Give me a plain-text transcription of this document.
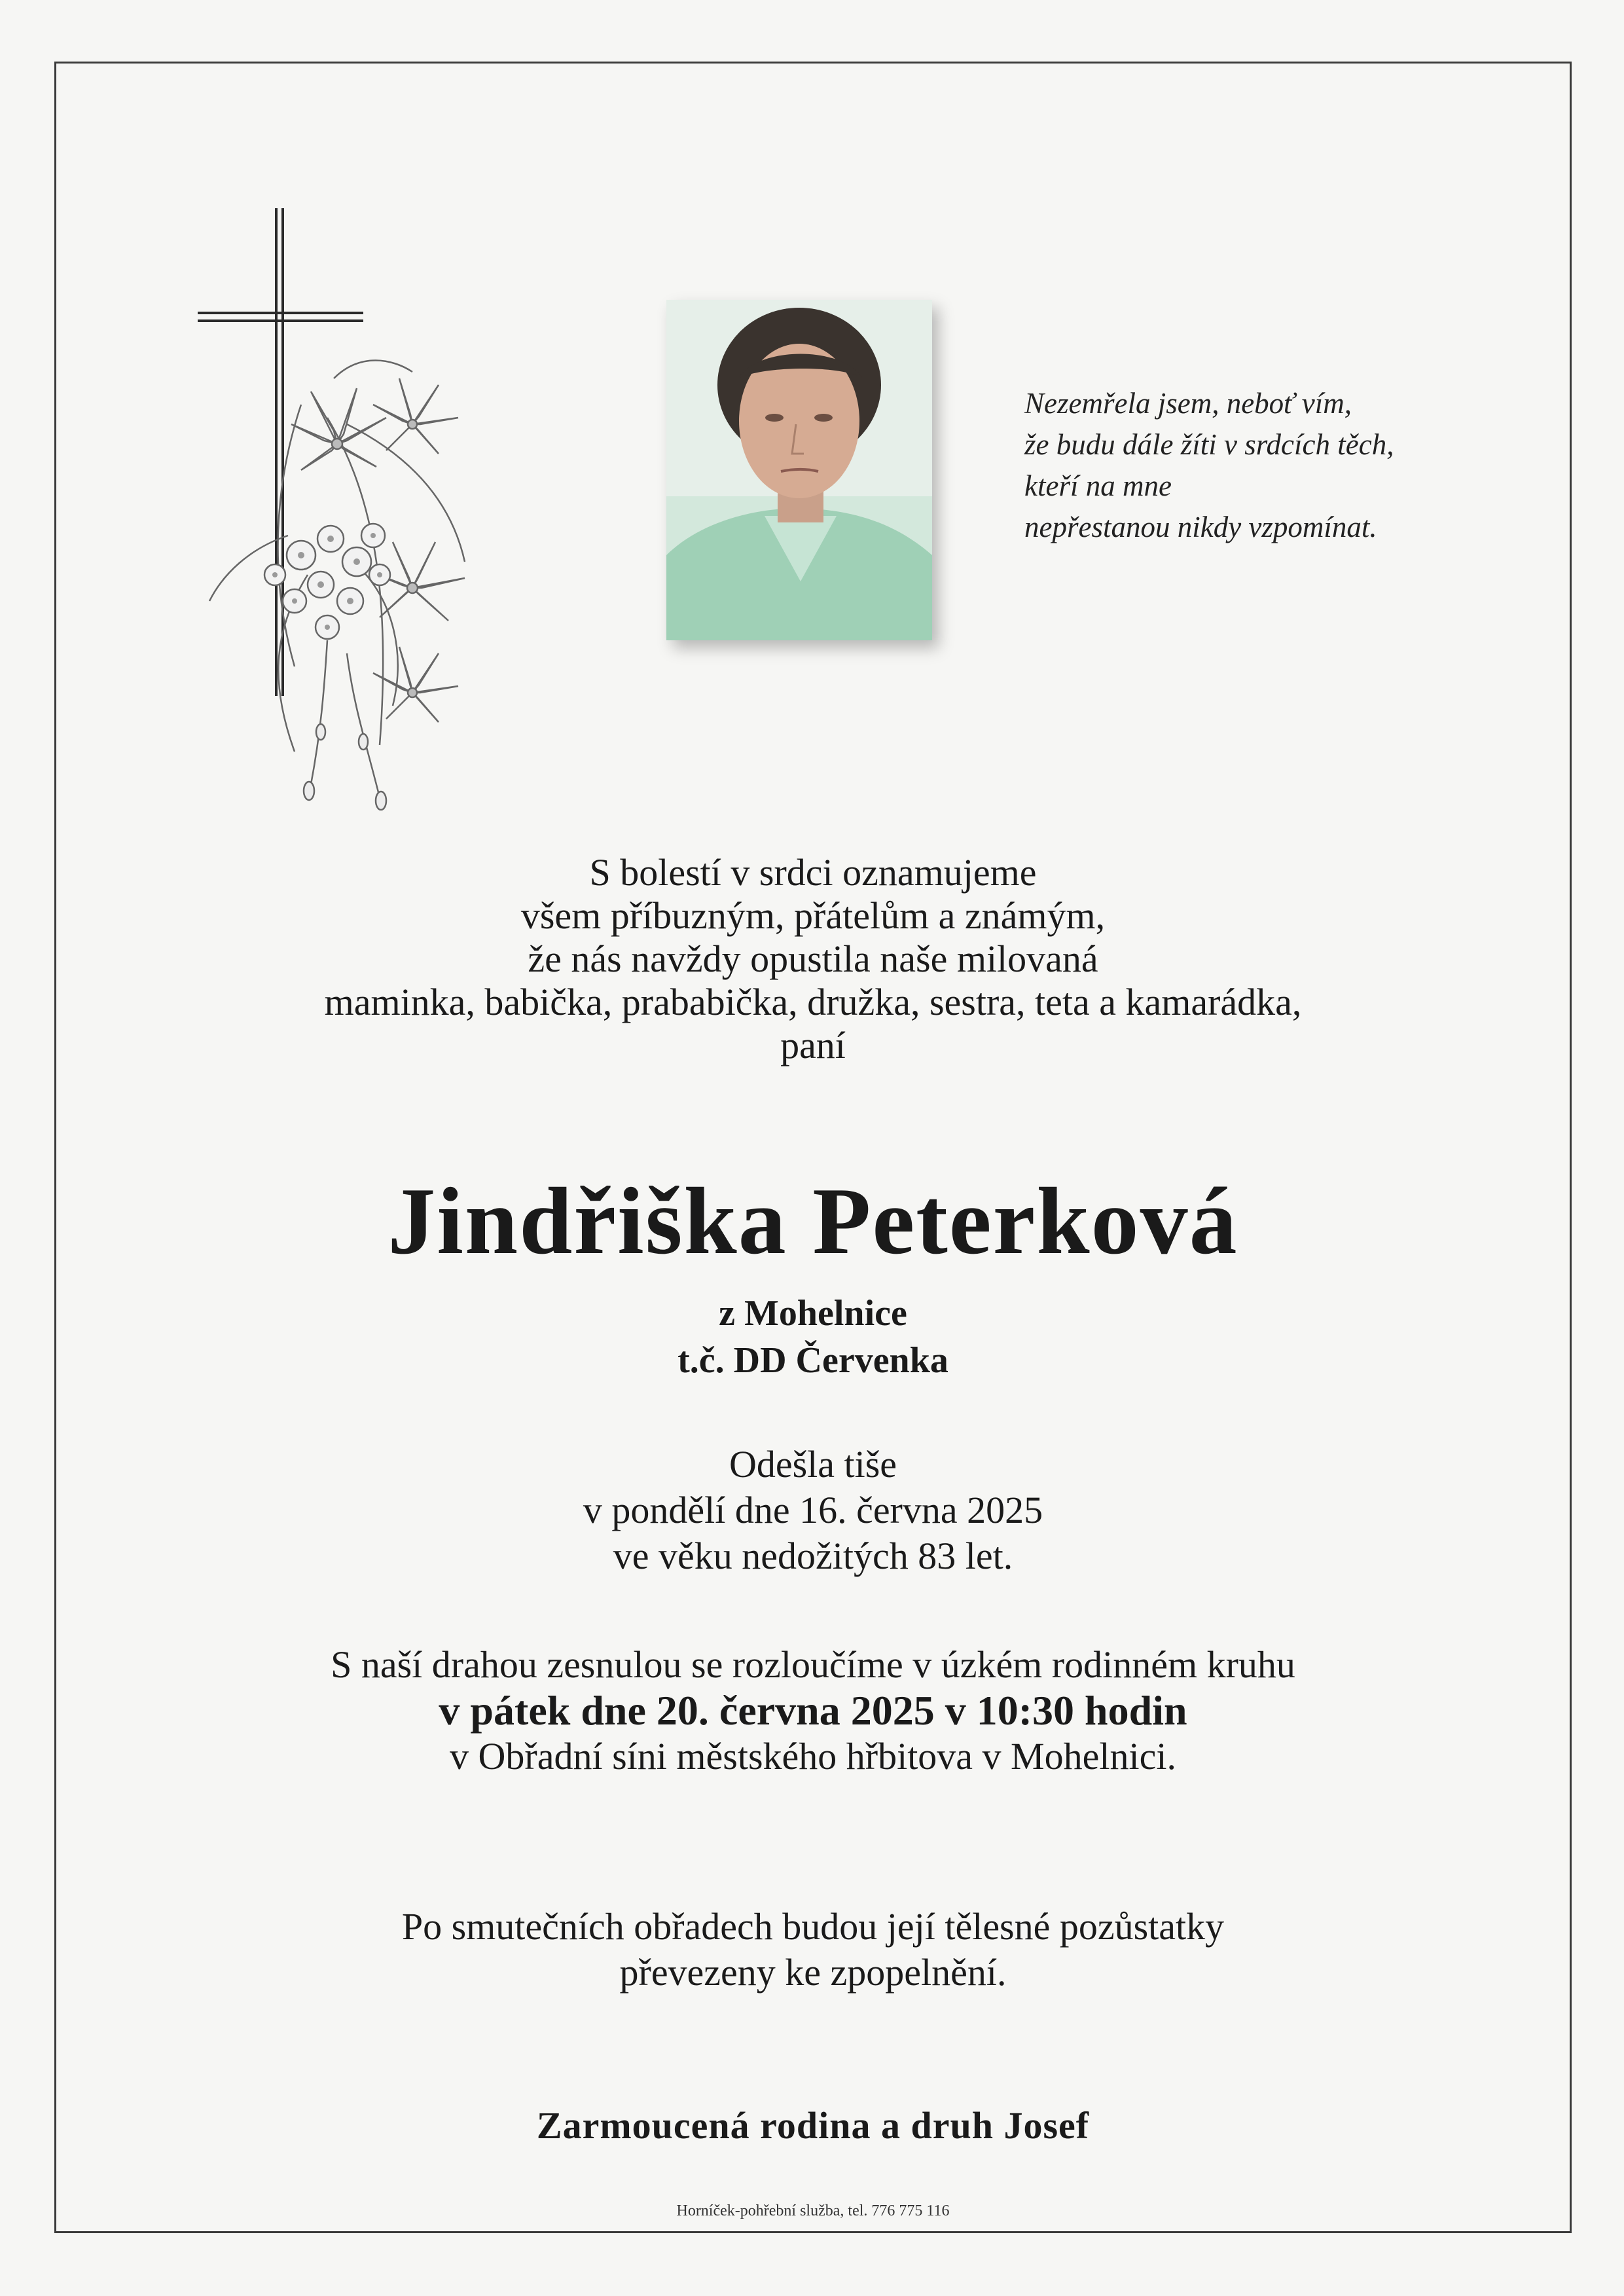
Nezemřela jsem, neboť vím,
že budu dále žíti v srdcích těch,
kteří na mne
nepřestanou nikdy vzpomínat.
S bolestí v srdci oznamujeme
všem příbuzným, přátelům a známým,
že nás navždy opustila naše milovaná
maminka, babička, prababička, družka, sestra, teta a kamarádka,
paní
Jindřiška Peterková
z Mohelnice
t.č. DD Červenka
Odešla tiše
v pondělí dne 16. června 2025
ve věku nedožitých 83 let.
S naší drahou zesnulou se rozloučíme v úzkém rodinném kruhu
v pátek dne 20. června 2025 v 10:30 hodin
v Obřadní síni městského hřbitova v Mohelnici.
Po smutečních obřadech budou její tělesné pozůstatky
převezeny ke zpopelnění.
Zarmoucená rodina a druh Josef
Horníček-pohřební služba, tel. 776 775 116
